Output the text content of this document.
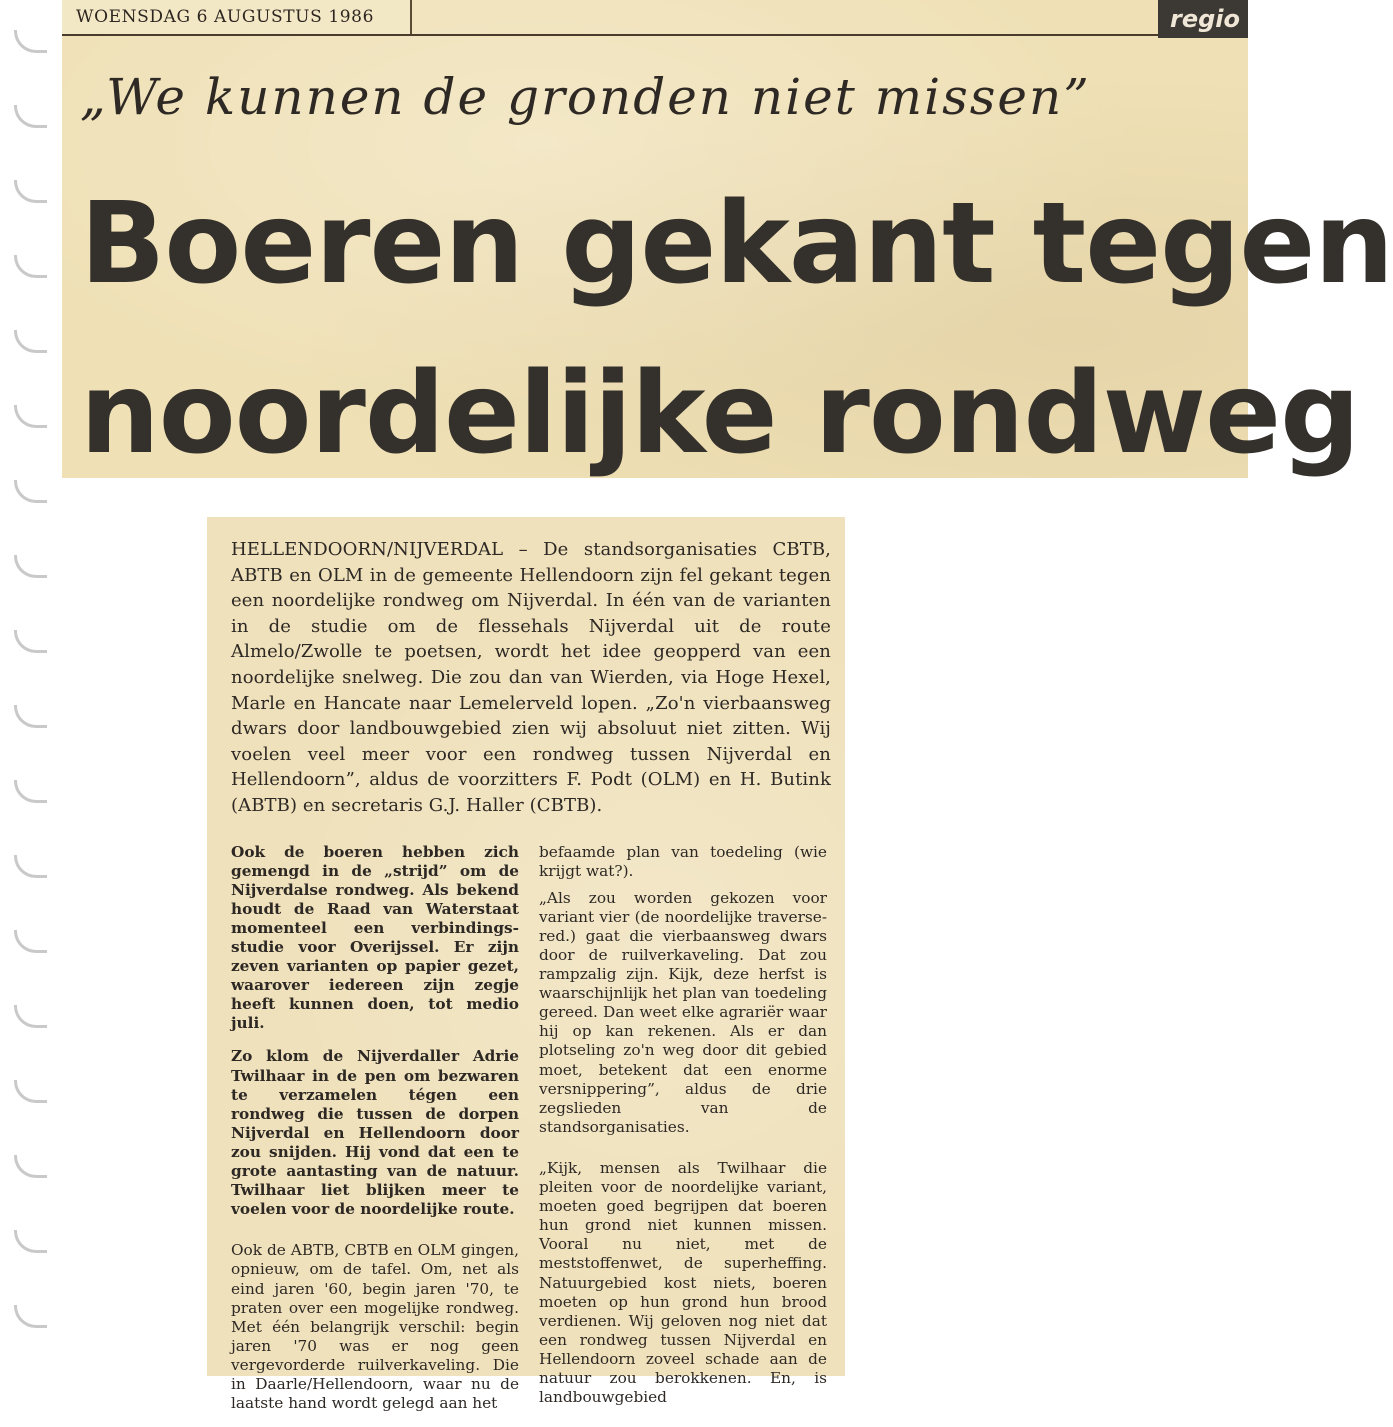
WOENSDAG 6 AUGUSTUS 1986	regio
„We kunnen de gronden niet missen”
Boeren gekant tegen
noordelijke rondweg

HELLENDOORN/NIJVERDAL – De standsorganisaties CBTB, ABTB en OLM in de gemeente Hellendoorn zijn fel gekant tegen een noordelijke rondweg om Nijverdal. In één van de varianten in de studie om de flessehals Nijverdal uit de route Almelo/Zwolle te poetsen, wordt het idee geopperd van een noordelijke snelweg. Die zou dan van Wierden, via Hoge Hexel, Marle en Hancate naar Lemelerveld lopen. „Zo'n vierbaansweg dwars door landbouwgebied zien wij absoluut niet zitten. Wij voelen veel meer voor een rondweg tussen Nijverdal en Hellendoorn”, aldus de voorzitters F. Podt (OLM) en H. Butink (ABTB) en secretaris G.J. Haller (CBTB).

Ook de boeren hebben zich gemengd in de „strijd” om de Nijverdalse rondweg. Als bekend houdt de Raad van Waterstaat momenteel een verbindings-studie voor Overijssel. Er zijn zeven varianten op papier gezet, waarover iedereen zijn zegje heeft kunnen doen, tot medio juli.

Zo klom de Nijverdaller Adrie Twilhaar in de pen om bezwaren te verzamelen tégen een rondweg die tussen de dorpen Nijverdal en Hellendoorn door zou snijden. Hij vond dat een te grote aantasting van de natuur. Twilhaar liet blijken meer te voelen voor de noordelijke route.

Ook de ABTB, CBTB en OLM gingen, opnieuw, om de tafel. Om, net als eind jaren '60, begin jaren '70, te praten over een mogelijke rondweg. Met één belangrijk verschil: begin jaren '70 was er nog geen vergevorderde ruilverkaveling. Die in Daarle/Hellendoorn, waar nu de laatste hand wordt gelegd aan het

befaamde plan van toedeling (wie krijgt wat?).

„Als zou worden gekozen voor variant vier (de noordelijke traverse-red.) gaat die vierbaansweg dwars door de ruilverkaveling. Dat zou rampzalig zijn. Kijk, deze herfst is waarschijnlijk het plan van toedeling gereed. Dan weet elke agrariër waar hij op kan rekenen. Als er dan plotseling zo'n weg door dit gebied moet, betekent dat een enorme versnippering”, aldus de drie zegslieden van de standsorganisaties.

„Kijk, mensen als Twilhaar die pleiten voor de noordelijke variant, moeten goed begrijpen dat boeren hun grond niet kunnen missen. Vooral nu niet, met de meststoffenwet, de superheffing. Natuurgebied kost niets, boeren moeten op hun grond hun brood verdienen. Wij geloven nog niet dat een rondweg tussen Nijverdal en Hellendoorn zoveel schade aan de natuur zou berokkenen. En, is landbouwgebied
